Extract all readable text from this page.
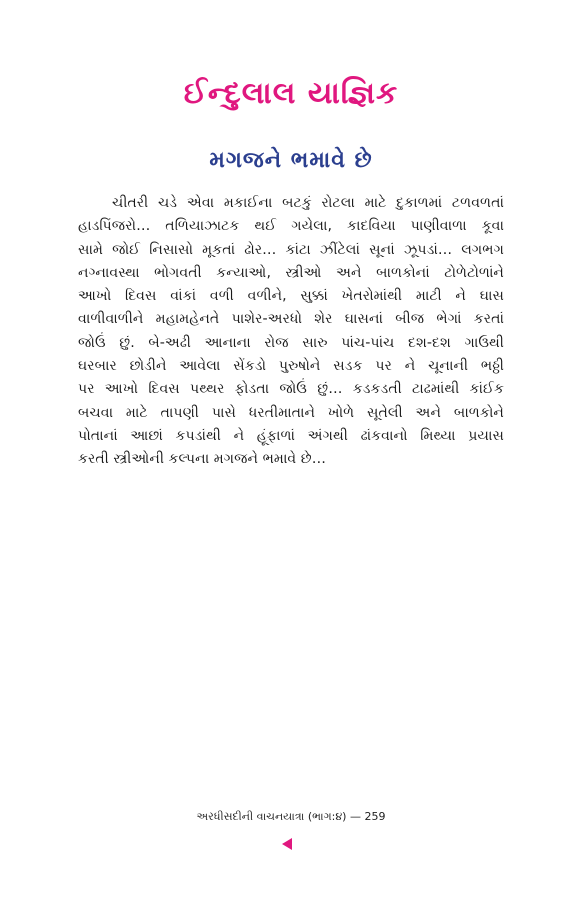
ઈન્દુલાલ યાજ્ઞિક
મગજને ભમાવે છે
ચીતરી ચડે એવા મકાઈના બટકું રોટલા માટે દુકાળમાં ટળવળતાં
હાડપિંજરો… તળિયાઝાટક થઈ ગયેલા, કાદવિયા પાણીવાળા કૂવા
સામે જોઈ નિસાસો મૂકતાં ઢોર… કાંટા ઝીંટેલાં સૂનાં ઝૂપડાં… લગભગ
નગ્નાવસ્થા ભોગવતી કન્યાઓ, સ્ત્રીઓ અને બાળકોનાં ટોળેટોળાંને
આખો દિવસ વાંકાં વળી વળીને, સુક્કાં ખેતરોમાંથી માટી ને ઘાસ
વાળીવાળીને મહામહેનતે પાશેર-અરધો શેર ઘાસનાં બીજ ભેગાં કરતાં
જોઉં છું. બે-અઢી આનાના રોજ સારુ પાંચ-પાંચ દશ-દશ ગાઉથી
ઘરબાર છોડીને આવેલા સેંકડો પુરુષોને સડક પર ને ચૂનાની ભઠ્ઠી
પર આખો દિવસ પથ્થર ફોડતા જોઉં છું… કડકડતી ટાઢમાંથી કાંઈક
બચવા માટે તાપણી પાસે ધરતીમાતાને ખોળે સૂતેલી અને બાળકોને
પોતાનાં આછાં કપડાંથી ને હૂંફાળાં અંગથી ઢાંકવાનો મિથ્યા પ્રયાસ
કરતી સ્ત્રીઓની કલ્પના મગજને ભમાવે છે…
અરધીસદીની વાચનયાત્રા (ભાગ:૪) — 259
